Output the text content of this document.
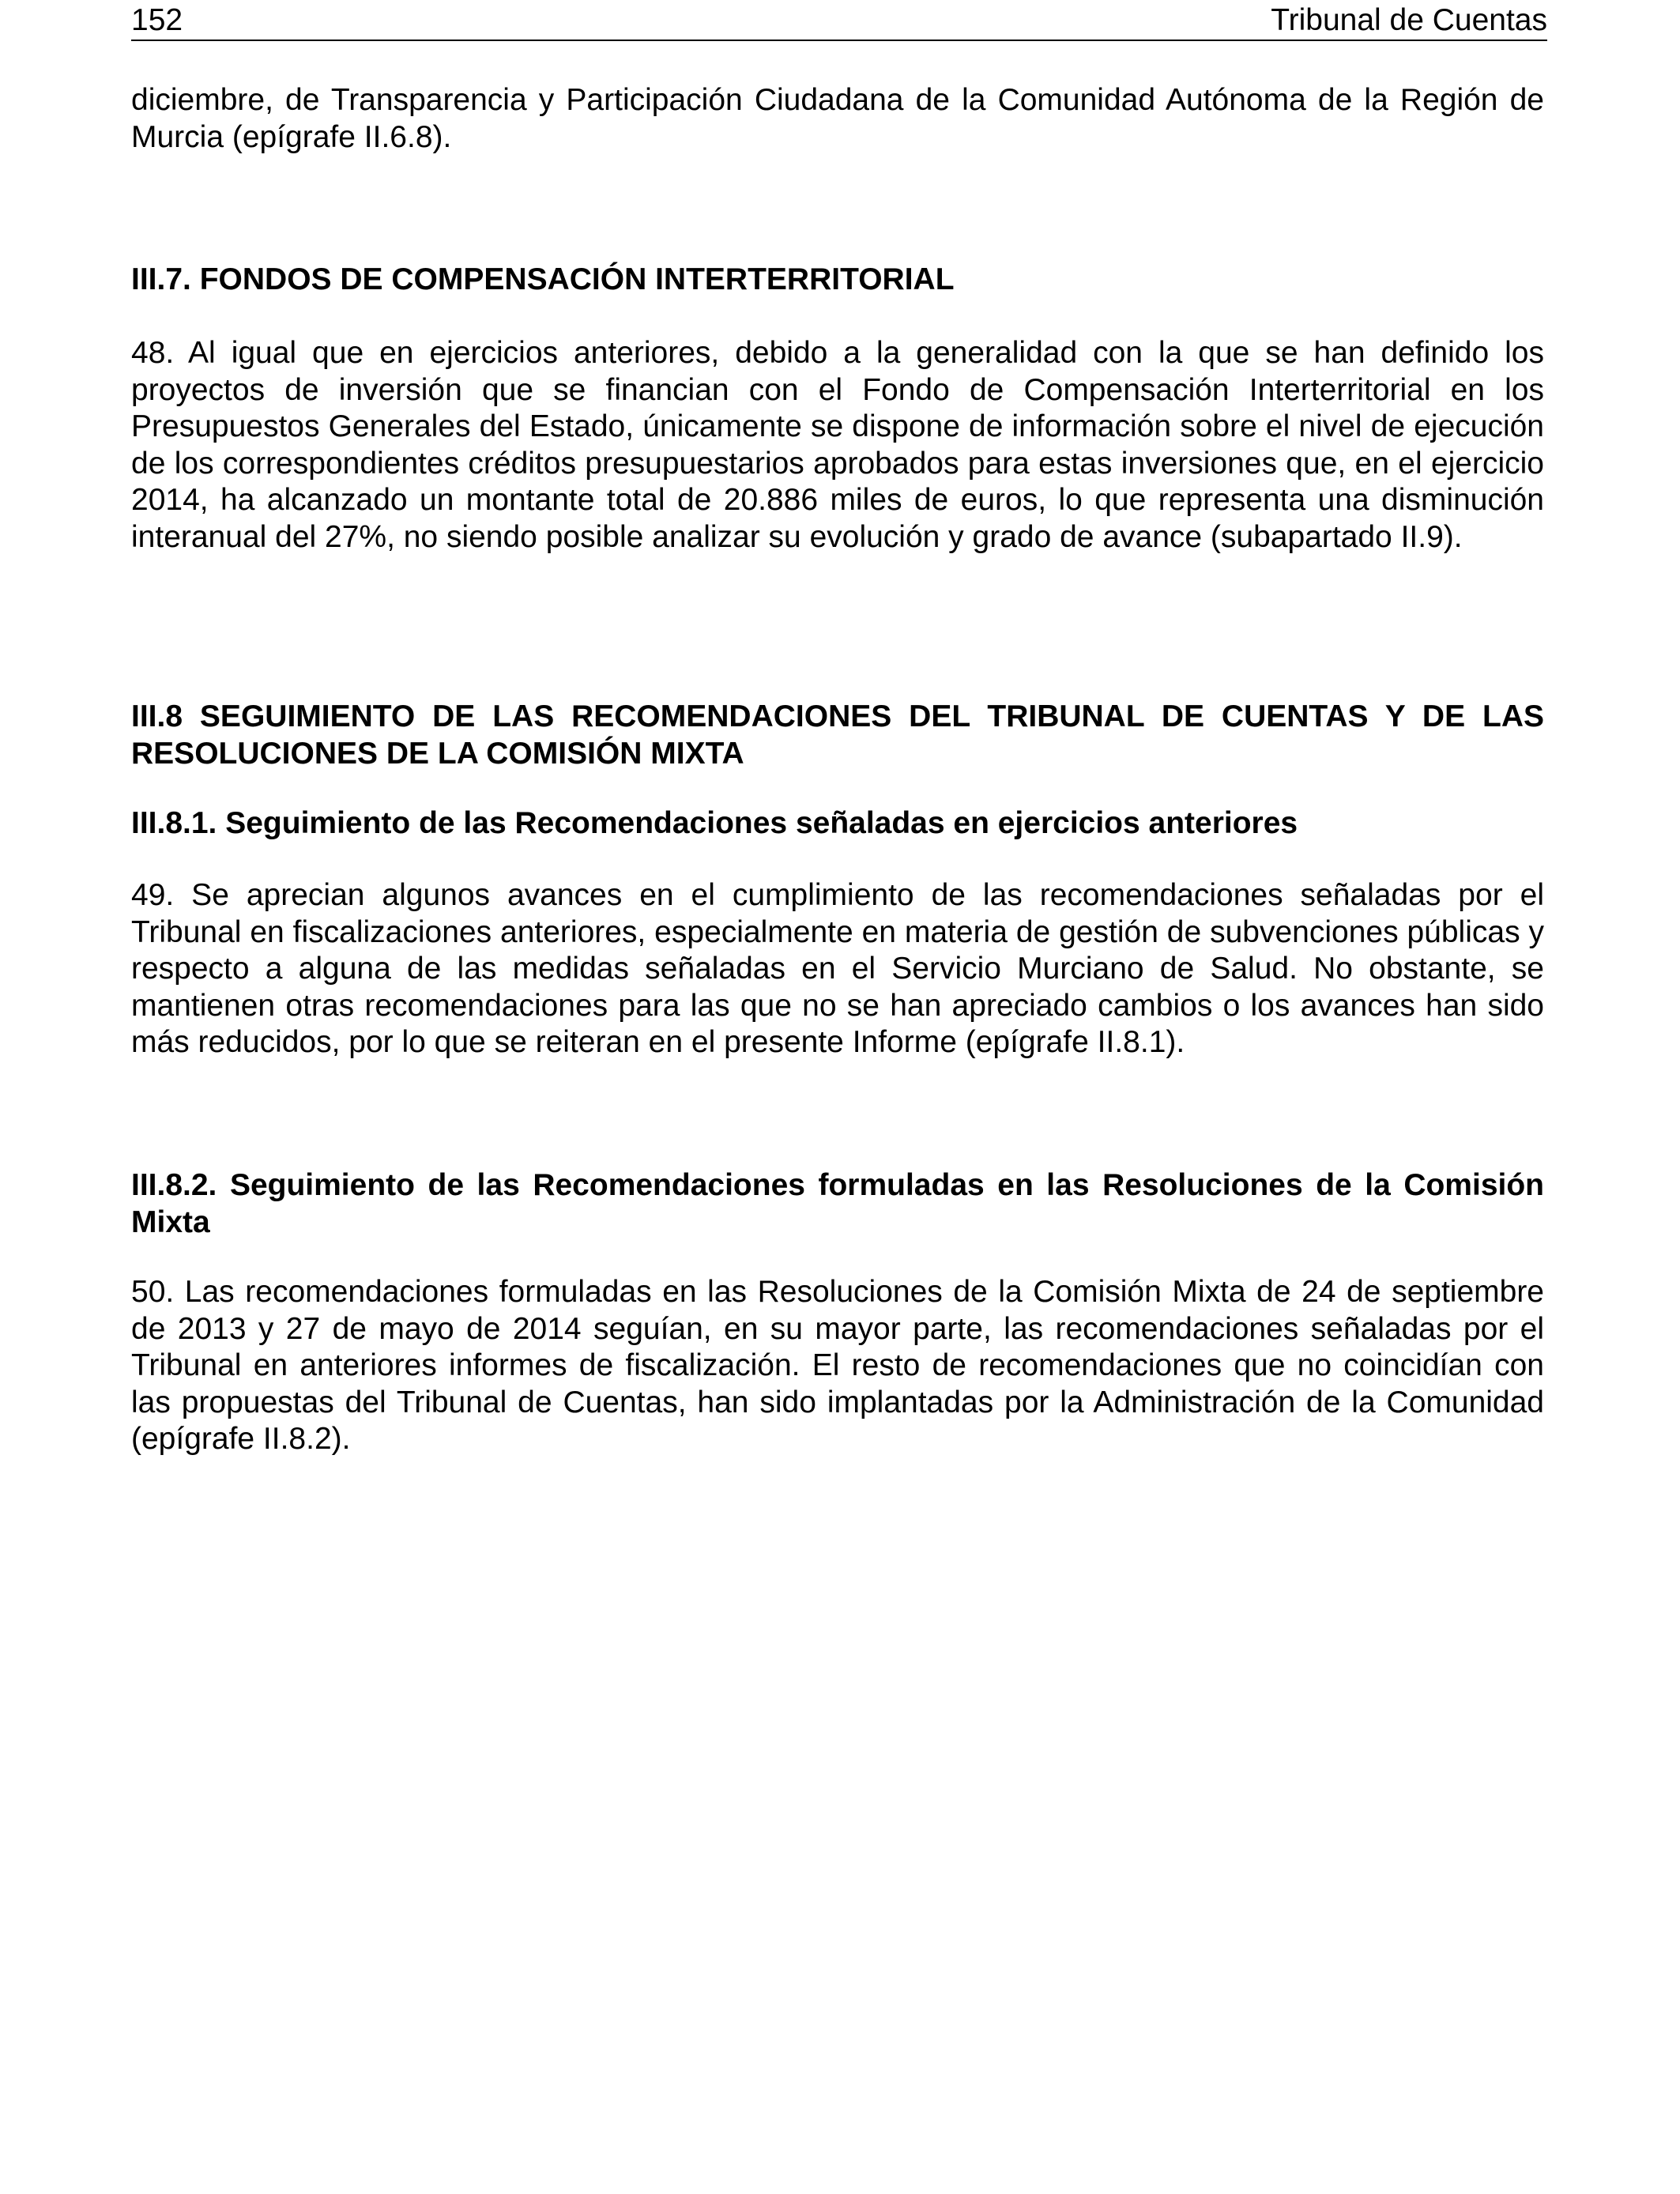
152	Tribunal de Cuentas

diciembre, de Transparencia y Participación Ciudadana de la Comunidad Autónoma de la Región de Murcia (epígrafe II.6.8).

III.7. FONDOS DE COMPENSACIÓN INTERTERRITORIAL

48. Al igual que en ejercicios anteriores, debido a la generalidad con la que se han definido los proyectos de inversión que se financian con el Fondo de Compensación Interterritorial en los Presupuestos Generales del Estado, únicamente se dispone de información sobre el nivel de ejecución de los correspondientes créditos presupuestarios aprobados para estas inversiones que, en el ejercicio 2014, ha alcanzado un montante total de 20.886 miles de euros, lo que representa una disminución interanual del 27%, no siendo posible analizar su evolución y grado de avance (subapartado II.9).

III.8 SEGUIMIENTO DE LAS RECOMENDACIONES DEL TRIBUNAL DE CUENTAS Y DE LAS RESOLUCIONES DE LA COMISIÓN MIXTA

III.8.1. Seguimiento de las Recomendaciones señaladas en ejercicios anteriores

49. Se aprecian algunos avances en el cumplimiento de las recomendaciones señaladas por el Tribunal en fiscalizaciones anteriores, especialmente en materia de gestión de subvenciones públicas y respecto a alguna de las medidas señaladas en el Servicio Murciano de Salud. No obstante, se mantienen otras recomendaciones para las que no se han apreciado cambios o los avances han sido más reducidos, por lo que se reiteran en el presente Informe (epígrafe II.8.1).

III.8.2. Seguimiento de las Recomendaciones formuladas en las Resoluciones de la Comisión Mixta

50. Las recomendaciones formuladas en las Resoluciones de la Comisión Mixta de 24 de septiembre de 2013 y 27 de mayo de 2014 seguían, en su mayor parte, las recomendaciones señaladas por el Tribunal en anteriores informes de fiscalización. El resto de recomendaciones que no coincidían con las propuestas del Tribunal de Cuentas, han sido implantadas por la Administración de la Comunidad (epígrafe II.8.2).
